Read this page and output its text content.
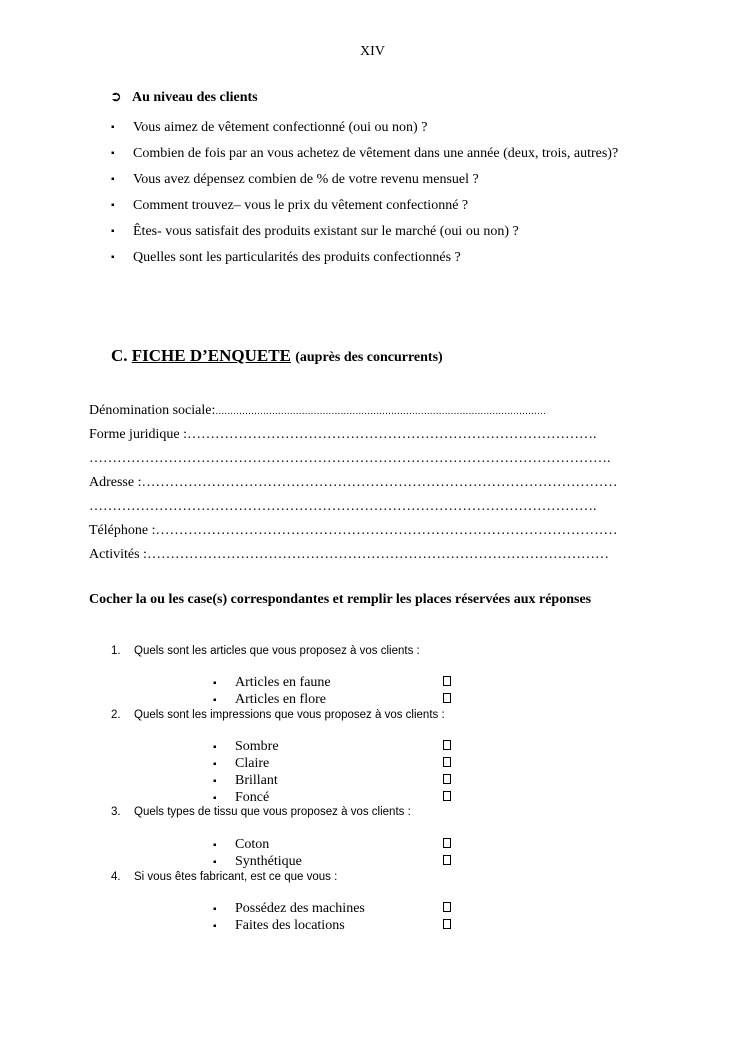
XIV
➲ Au niveau des clients
▪ Vous aimez de vêtement confectionné (oui ou non) ?
▪ Combien de fois par an vous achetez de vêtement dans une année (deux, trois, autres)?
▪ Vous avez dépensez combien de % de votre revenu mensuel ?
▪ Comment trouvez– vous le prix du vêtement confectionné ?
▪ Êtes- vous satisfait des produits existant sur le marché (oui ou non) ?
▪ Quelles sont les particularités des produits confectionnés ?
C. FICHE D’ENQUETE (auprès des concurrents)
Dénomination sociale:...............................................................................................................
Forme juridique :…………………………………………………………………………….
………………………………………………………………………………………………….
Adresse :…………………………………………………………………………………………
……………………………………………………………………………………………….
Téléphone :………………………………………………………………………………………
Activités :………………………………………………………………………………………
Cocher la ou les case(s) correspondantes et remplir les places réservées aux réponses
1. Quels sont les articles que vous proposez à vos clients :
▪ Articles en faune
▪ Articles en flore
2. Quels sont les impressions que vous proposez à vos clients :
▪ Sombre
▪ Claire
▪ Brillant
▪ Foncé
3. Quels types de tissu que vous proposez à vos clients :
▪ Coton
▪ Synthétique
4. Si vous êtes fabricant, est ce que vous :
▪ Possédez des machines
▪ Faites des locations
